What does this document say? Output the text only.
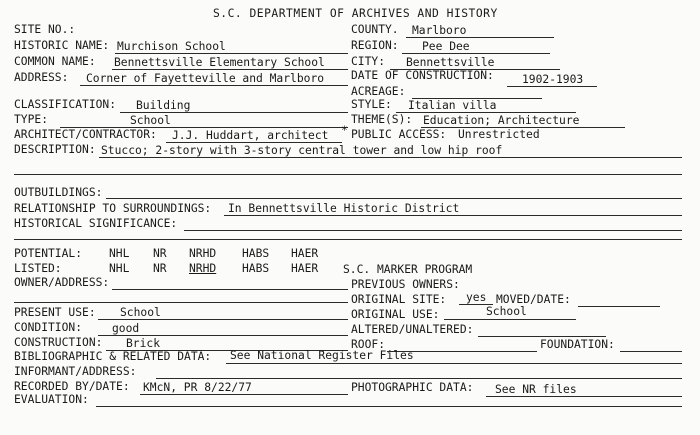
S.C. DEPARTMENT OF ARCHIVES AND HISTORY
SITE NO.:	COUNTY. Marlboro
HISTORIC NAME: Murchison School	REGION: Pee Dee
COMMON NAME: Bennettsville Elementary School CITY: Bennettsville
ADDRESS: Corner of Fayetteville and Marlboro DATE OF CONSTRUCTION: 1902-1903
ACREAGE:
CLASSIFICATION: Building	STYLE: Italian villa
TYPE:	School	THEME(S): Education; Architecture
ARCHITECT/CONTRACTOR: J.J. Huddart, architect * PUBLIC ACCESS: Unrestricted
DESCRIPTION: Stucco; 2-story with 3-story central tower and low hip roof
OUTBUILDINGS:
RELATIONSHIP TO SURROUNDINGS: In Bennettsville Historic District
HISTORICAL SIGNIFICANCE:
POTENTIAL: NHL NR NRHD HABS HAER
LISTED:	NHL NR NRHD HABS HAER S.C. MARKER PROGRAM
OWNER/ADDRESS:	PREVIOUS OWNERS:
ORIGINAL SITE: yes MOVED/DATE:
PRESENT USE: School	ORIGINAL USE:	School
CONDITION:	good	ALTERED/UNALTERED:
CONSTRUCTION: Brick	ROOF:	FOUNDATION:
BIBLIOGRAPHIC & RELATED DATA: See National Register Files
INFORMANT/ADDRESS:
RECORDED BY/DATE: KMcN, PR 8/22/77	PHOTOGRAPHIC DATA: See NR files
EVALUATION:
